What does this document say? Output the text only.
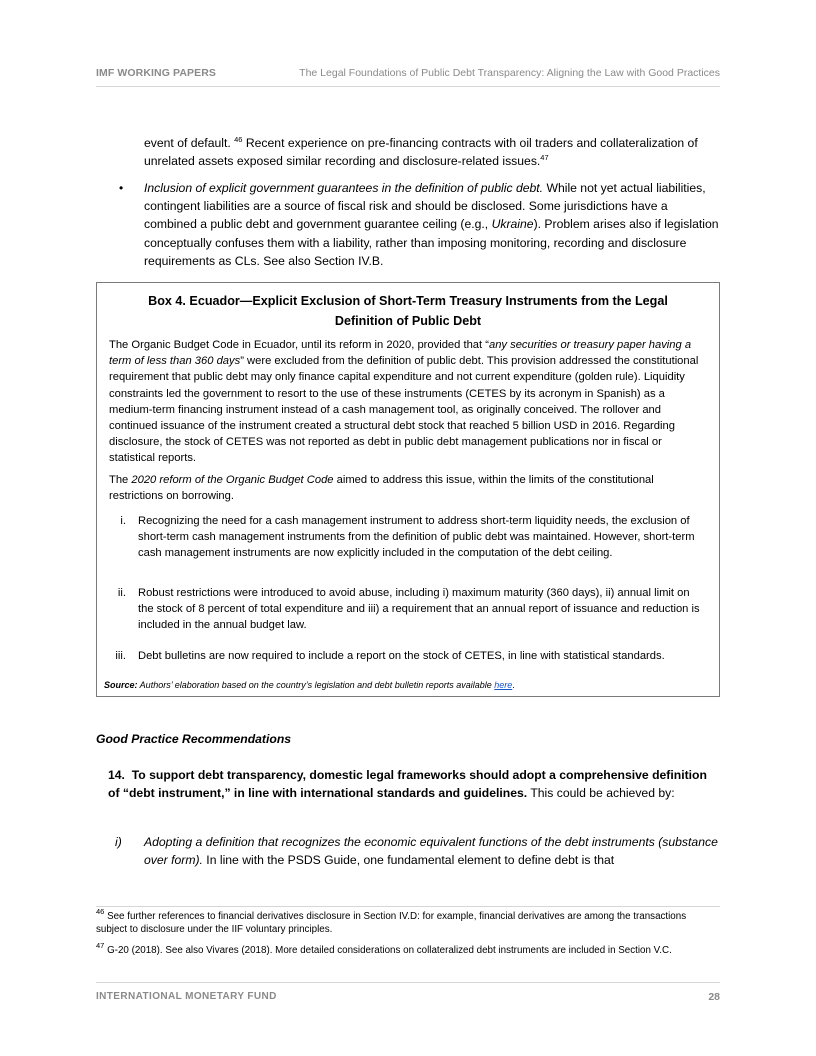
IMF WORKING PAPERS	The Legal Foundations of Public Debt Transparency: Aligning the Law with Good Practices
event of default. $^{46}$ Recent experience on pre-financing contracts with oil traders and collateralization of unrelated assets exposed similar recording and disclosure-related issues.$^{47}$
• Inclusion of explicit government guarantees in the definition of public debt. While not yet actual liabilities, contingent liabilities are a source of fiscal risk and should be disclosed. Some jurisdictions have a combined a public debt and government guarantee ceiling (e.g., Ukraine). Problem arises also if legislation conceptually confuses them with a liability, rather than imposing monitoring, recording and disclosure requirements as CLs. See also Section IV.B.
Box 4. Ecuador—Explicit Exclusion of Short-Term Treasury Instruments from the Legal
Definition of Public Debt
The Organic Budget Code in Ecuador, until its reform in 2020, provided that “any securities or treasury paper having a term of less than 360 days” were excluded from the definition of public debt. This provision addressed the constitutional requirement that public debt may only finance capital expenditure and not current expenditure (golden rule). Liquidity constraints led the government to resort to the use of these instruments (CETES by its acronym in Spanish) as a medium-term financing instrument instead of a cash management tool, as originally conceived. The rollover and continued issuance of the instrument created a structural debt stock that reached 5 billion USD in 2016. Regarding disclosure, the stock of CETES was not reported as debt in public debt management publications nor in fiscal or statistical reports.
The 2020 reform of the Organic Budget Code aimed to address this issue, within the limits of the constitutional restrictions on borrowing.
i. Recognizing the need for a cash management instrument to address short-term liquidity needs, the exclusion of short-term cash management instruments from the definition of public debt was maintained. However, short-term cash management instruments are now explicitly included in the computation of the debt ceiling.
ii. Robust restrictions were introduced to avoid abuse, including i) maximum maturity (360 days), ii) annual limit on the stock of 8 percent of total expenditure and iii) a requirement that an annual report of issuance and reduction is included in the annual budget law.
iii. Debt bulletins are now required to include a report on the stock of CETES, in line with statistical standards.
Source: Authors’ elaboration based on the country’s legislation and debt bulletin reports available here.
Good Practice Recommendations
14. To support debt transparency, domestic legal frameworks should adopt a comprehensive definition of “debt instrument,” in line with international standards and guidelines. This could be achieved by:
i) Adopting a definition that recognizes the economic equivalent functions of the debt instruments (substance over form). In line with the PSDS Guide, one fundamental element to define debt is that
$^{46}$ See further references to financial derivatives disclosure in Section IV.D: for example, financial derivatives are among the transactions subject to disclosure under the IIF voluntary principles.
$^{47}$ G-20 (2018). See also Vivares (2018). More detailed considerations on collateralized debt instruments are included in Section V.C.
INTERNATIONAL MONETARY FUND	28
